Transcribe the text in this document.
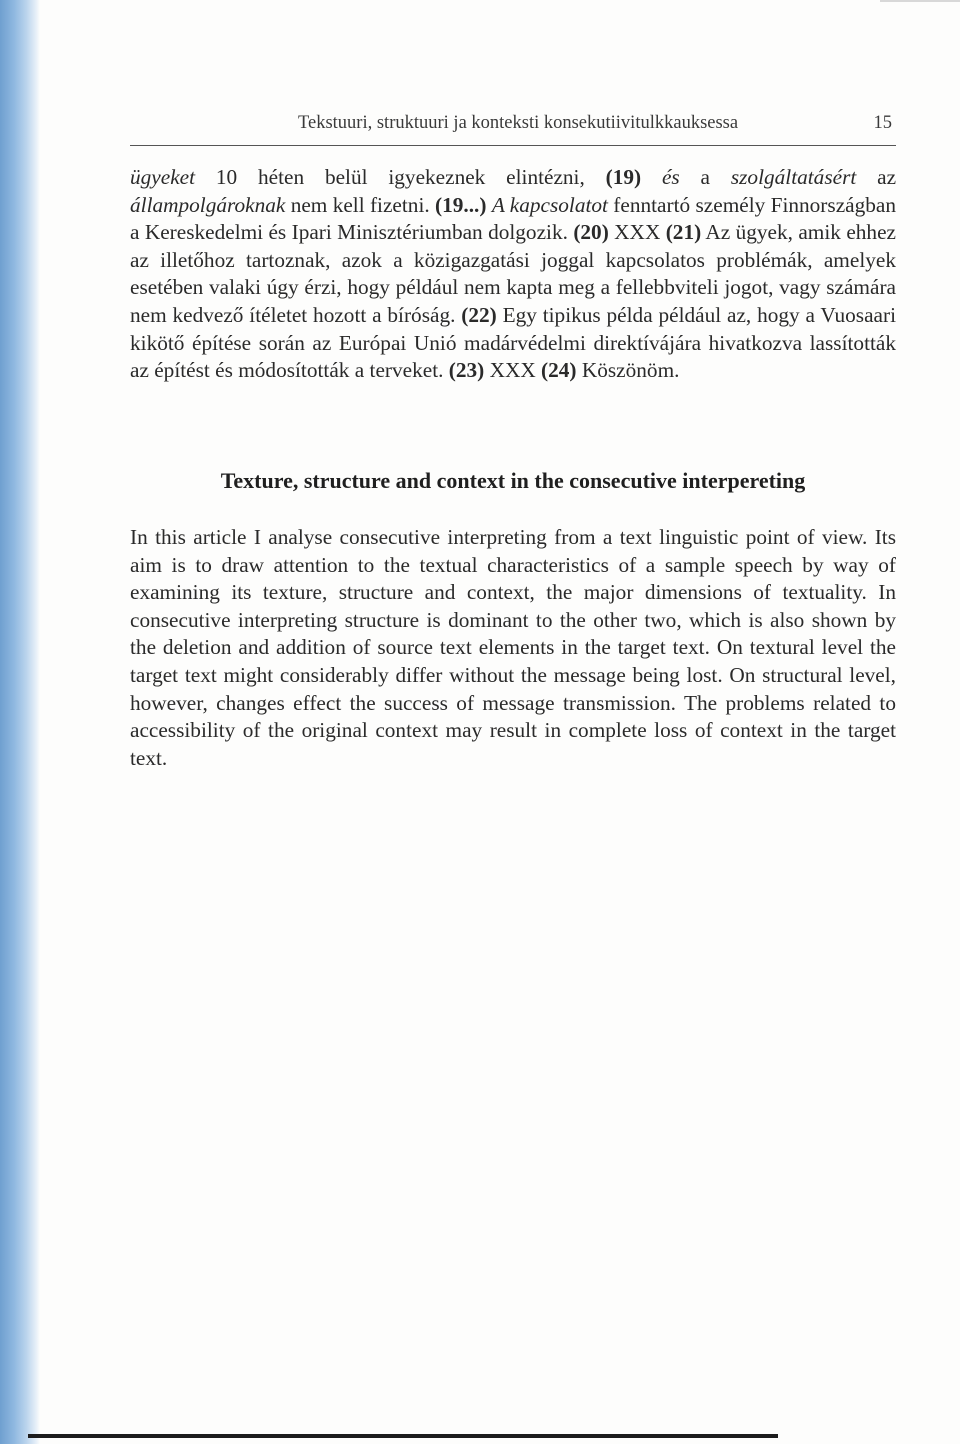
Tekstuuri, struktuuri ja konteksti konsekutiivitulkkauksessa	15

ügyeket 10 héten belül igyekeznek elintézni, (19) és a szolgáltatásért az állampolgároknak nem kell fizetni. (19...) A kapcsolatot fenntartó személy Finnországban a Kereskedelmi és Ipari Minisztériumban dolgozik. (20) XXX (21) Az ügyek, amik ehhez az illetőhoz tartoznak, azok a közigazgatási joggal kapcsolatos problémák, amelyek esetében valaki úgy érzi, hogy például nem kapta meg a fellebbviteli jogot, vagy számára nem kedvező ítéletet hozott a bíróság. (22) Egy tipikus példa például az, hogy a Vuosaari kikötő építése során az Európai Unió madárvédelmi direktívájára hivatkozva lassították az építést és módosították a terveket. (23) XXX (24) Köszönöm.

Texture, structure and context in the consecutive interpereting

In this article I analyse consecutive interpreting from a text linguistic point of view. Its aim is to draw attention to the textual characteristics of a sample speech by way of examining its texture, structure and context, the major dimensions of textuality. In consecutive interpreting structure is dominant to the other two, which is also shown by the deletion and addition of source text elements in the target text. On textural level the target text might considerably differ without the message being lost. On structural level, however, changes effect the success of message transmission. The problems related to accessibility of the original context may result in complete loss of context in the target text.
